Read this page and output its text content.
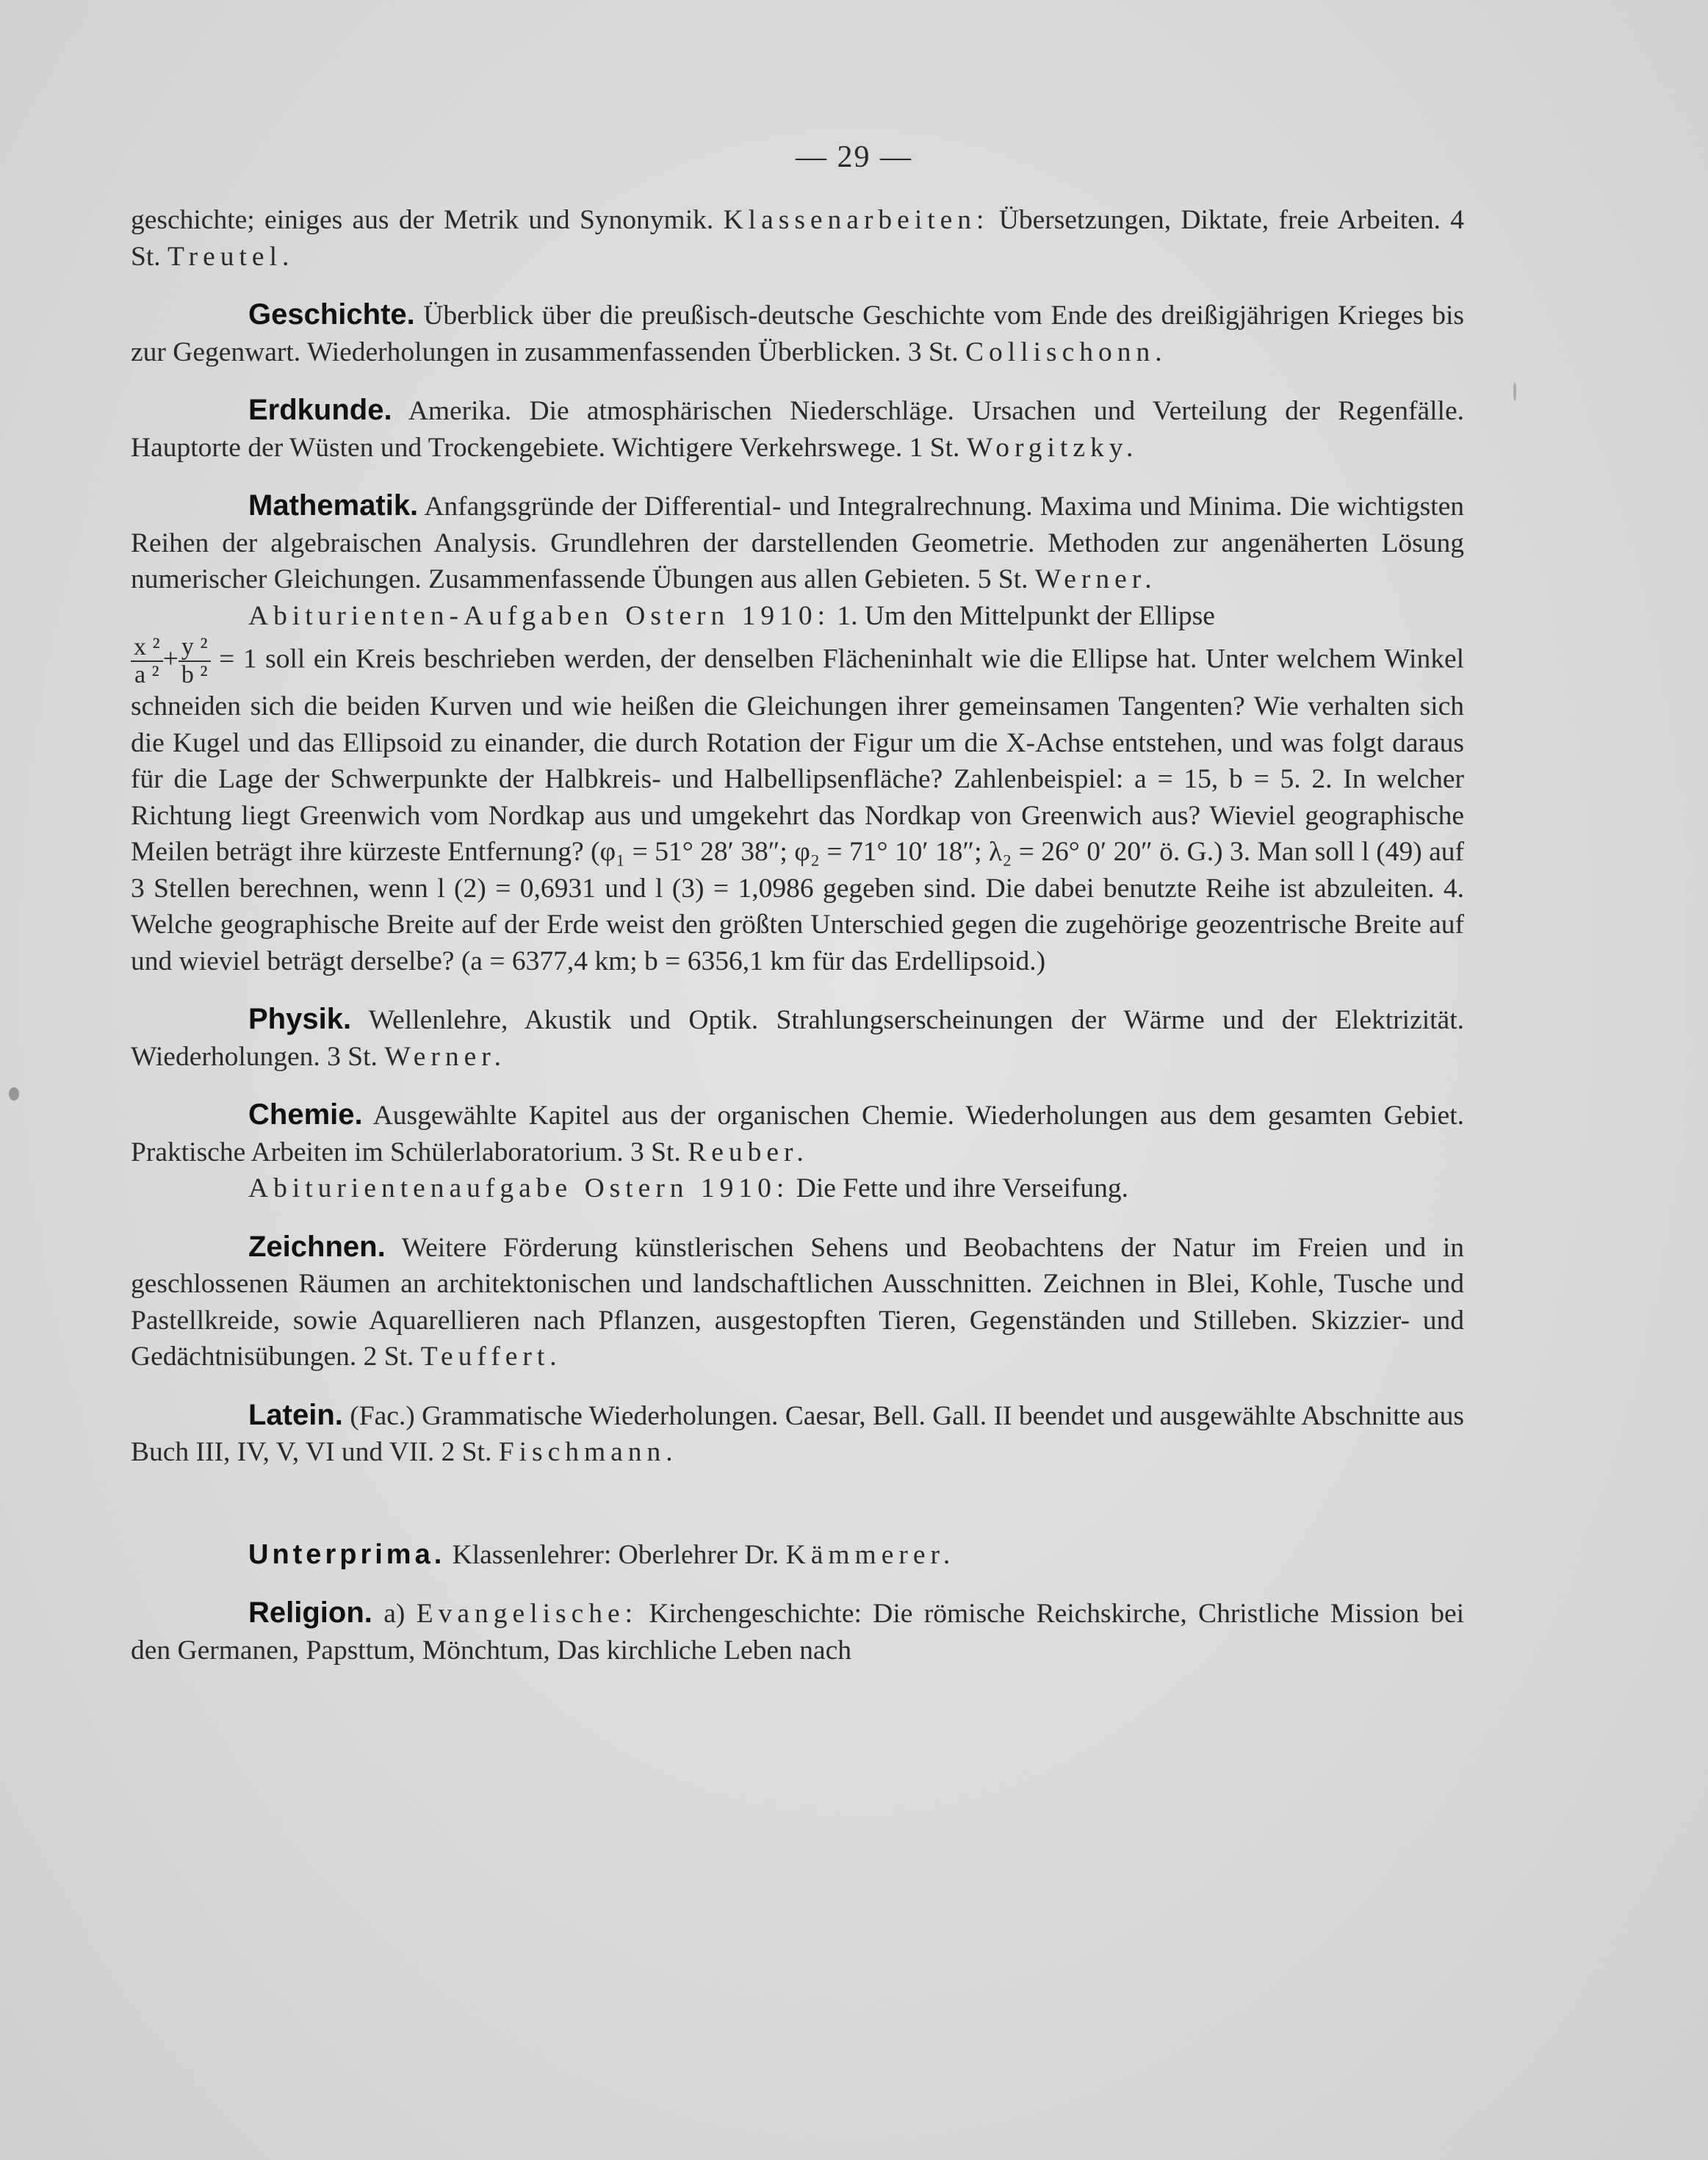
— 29 —

geschichte; einiges aus der Metrik und Synonymik. Klassenarbeiten: Übersetzungen, Diktate, freie Arbeiten. 4 St. Treutel.

Geschichte. Überblick über die preußisch-deutsche Geschichte vom Ende des dreißigjährigen Krieges bis zur Gegenwart. Wiederholungen in zusammenfassenden Überblicken. 3 St. Collischonn.

Erdkunde. Amerika. Die atmosphärischen Niederschläge. Ursachen und Verteilung der Regenfälle. Hauptorte der Wüsten und Trockengebiete. Wichtigere Verkehrswege. 1 St. Worgitzky.

Mathematik. Anfangsgründe der Differential- und Integralrechnung. Maxima und Minima. Die wichtigsten Reihen der algebraischen Analysis. Grundlehren der darstellenden Geometrie. Methoden zur angenäherten Lösung numerischer Gleichungen. Zusammenfassende Übungen aus allen Gebieten. 5 St. Werner.

Abiturienten-Aufgaben Ostern 1910: 1. Um den Mittelpunkt der Ellipse

$\frac{\text{x ²}}{\text{a ²}} + \frac{\text{y ²}}{\text{b ²}} = 1$ soll ein Kreis beschrieben werden, der denselben Flächeninhalt wie die Ellipse hat. Unter welchem Winkel schneiden sich die beiden Kurven und wie heißen die Gleichungen ihrer gemeinsamen Tangenten? Wie verhalten sich die Kugel und das Ellipsoid zu einander, die durch Rotation der Figur um die X-Achse entstehen, und was folgt daraus für die Lage der Schwerpunkte der Halbkreis- und Halbellipsenfläche? Zahlenbeispiel: a = 15, b = 5. 2. In welcher Richtung liegt Greenwich vom Nordkap aus und umgekehrt das Nordkap von Greenwich aus? Wieviel geographische Meilen beträgt ihre kürzeste Entfernung? (φ₁ = 51° 28′ 38″; φ₂ = 71° 10′ 18″; λ₂ = 26° 0′ 20″ ö. G.) 3. Man soll l (49) auf 3 Stellen berechnen, wenn l (2) = 0,6931 und l (3) = 1,0986 gegeben sind. Die dabei benutzte Reihe ist abzuleiten. 4. Welche geographische Breite auf der Erde weist den größten Unterschied gegen die zugehörige geozentrische Breite auf und wieviel beträgt derselbe? (a = 6377,4 km; b = 6356,1 km für das Erdellipsoid.)

Physik. Wellenlehre, Akustik und Optik. Strahlungserscheinungen der Wärme und der Elektrizität. Wiederholungen. 3 St. Werner.

Chemie. Ausgewählte Kapitel aus der organischen Chemie. Wiederholungen aus dem gesamten Gebiet. Praktische Arbeiten im Schülerlaboratorium. 3 St. Reuber.

Abiturientenaufgabe Ostern 1910: Die Fette und ihre Verseifung.

Zeichnen. Weitere Förderung künstlerischen Sehens und Beobachtens der Natur im Freien und in geschlossenen Räumen an architektonischen und landschaftlichen Ausschnitten. Zeichnen in Blei, Kohle, Tusche und Pastellkreide, sowie Aquarellieren nach Pflanzen, ausgestopften Tieren, Gegenständen und Stilleben. Skizzier- und Gedächtnisübungen. 2 St. Teuffert.

Latein. (Fac.) Grammatische Wiederholungen. Caesar, Bell. Gall. II beendet und ausgewählte Abschnitte aus Buch III, IV, V, VI und VII. 2 St. Fischmann.

Unterprima. Klassenlehrer: Oberlehrer Dr. Kämmerer.

Religion. a) Evangelische: Kirchengeschichte: Die römische Reichskirche, Christliche Mission bei den Germanen, Papsttum, Mönchtum, Das kirchliche Leben nach
